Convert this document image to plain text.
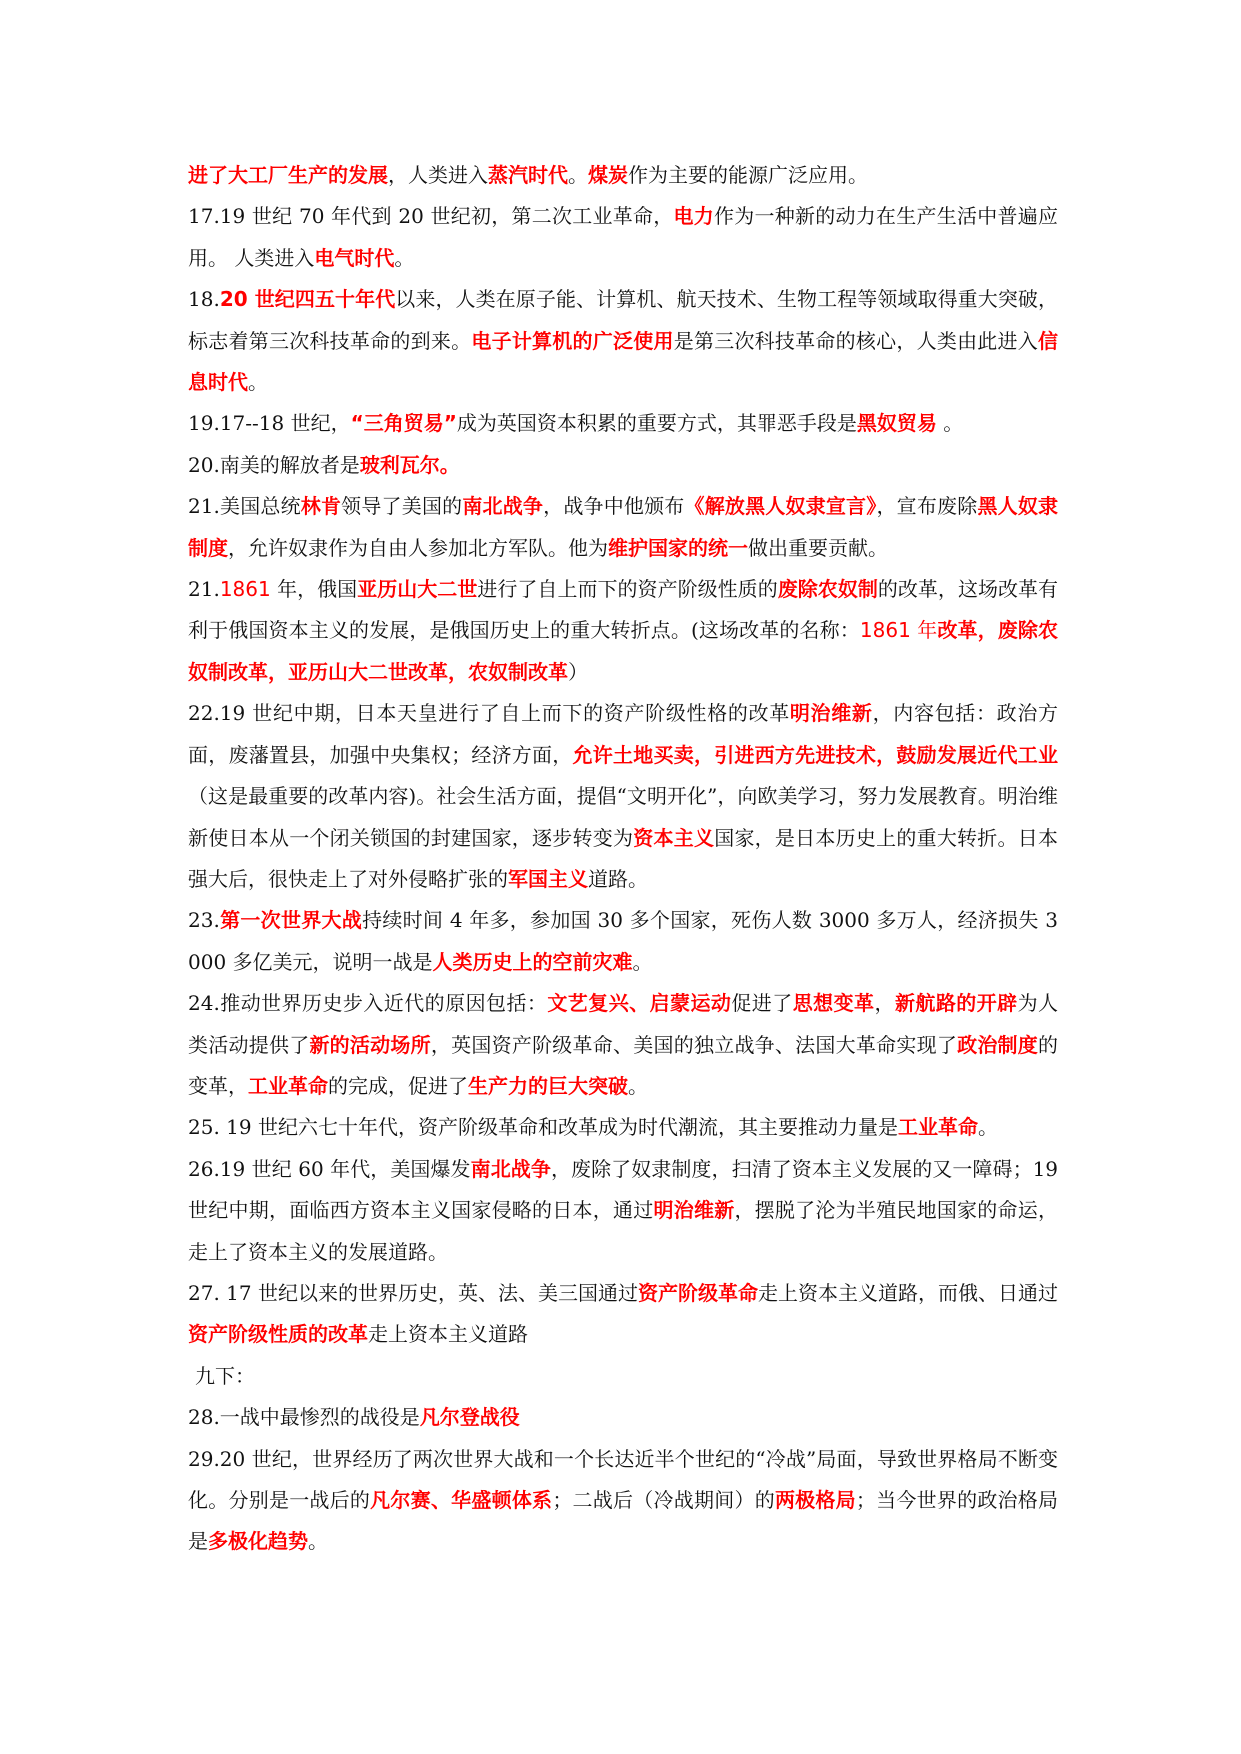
进了大工厂生产的发展，人类进入蒸汽时代。煤炭作为主要的能源广泛应用。

17.19 世纪 70 年代到 20 世纪初，第二次工业革命，电力作为一种新的动力在生产生活中普遍应用。 人类进入电气时代。

18.20 世纪四五十年代以来，人类在原子能、计算机、航天技术、生物工程等领域取得重大突破，标志着第三次科技革命的到来。电子计算机的广泛使用是第三次科技革命的核心，人类由此进入信息时代。

19.17--18 世纪，“三角贸易”成为英国资本积累的重要方式，其罪恶手段是黑奴贸易 。

20.南美的解放者是玻利瓦尔。

21.美国总统林肯领导了美国的南北战争，战争中他颁布《解放黑人奴隶宣言》，宣布废除黑人奴隶制度，允许奴隶作为自由人参加北方军队。他为维护国家的统一做出重要贡献。

21.1861 年，俄国亚历山大二世进行了自上而下的资产阶级性质的废除农奴制的改革，这场改革有利于俄国资本主义的发展，是俄国历史上的重大转折点。(这场改革的名称：1861 年改革，废除农奴制改革，亚历山大二世改革，农奴制改革）

22.19 世纪中期，日本天皇进行了自上而下的资产阶级性格的改革明治维新，内容包括：政治方面，废藩置县，加强中央集权；经济方面，允许土地买卖，引进西方先进技术，鼓励发展近代工业（这是最重要的改革内容)。社会生活方面，提倡“文明开化”，向欧美学习，努力发展教育。明治维新使日本从一个闭关锁国的封建国家，逐步转变为资本主义国家，是日本历史上的重大转折。日本强大后，很快走上了对外侵略扩张的军国主义道路。

23.第一次世界大战持续时间 4 年多，参加国 30 多个国家，死伤人数 3000 多万人，经济损失 3000 多亿美元，说明一战是人类历史上的空前灾难。

24.推动世界历史步入近代的原因包括：文艺复兴、启蒙运动促进了思想变革，新航路的开辟为人类活动提供了新的活动场所，英国资产阶级革命、美国的独立战争、法国大革命实现了政治制度的变革，工业革命的完成，促进了生产力的巨大突破。

25. 19 世纪六七十年代，资产阶级革命和改革成为时代潮流，其主要推动力量是工业革命。

26.19 世纪 60 年代，美国爆发南北战争，废除了奴隶制度，扫清了资本主义发展的又一障碍；19 世纪中期，面临西方资本主义国家侵略的日本，通过明治维新，摆脱了沦为半殖民地国家的命运，走上了资本主义的发展道路。

27. 17 世纪以来的世界历史，英、法、美三国通过资产阶级革命走上资本主义道路，而俄、日通过资产阶级性质的改革走上资本主义道路

九下：

28.一战中最惨烈的战役是凡尔登战役

29.20 世纪，世界经历了两次世界大战和一个长达近半个世纪的“冷战”局面，导致世界格局不断变化。分别是一战后的凡尔赛、华盛顿体系；二战后（冷战期间）的两极格局；当今世界的政治格局是多极化趋势。
